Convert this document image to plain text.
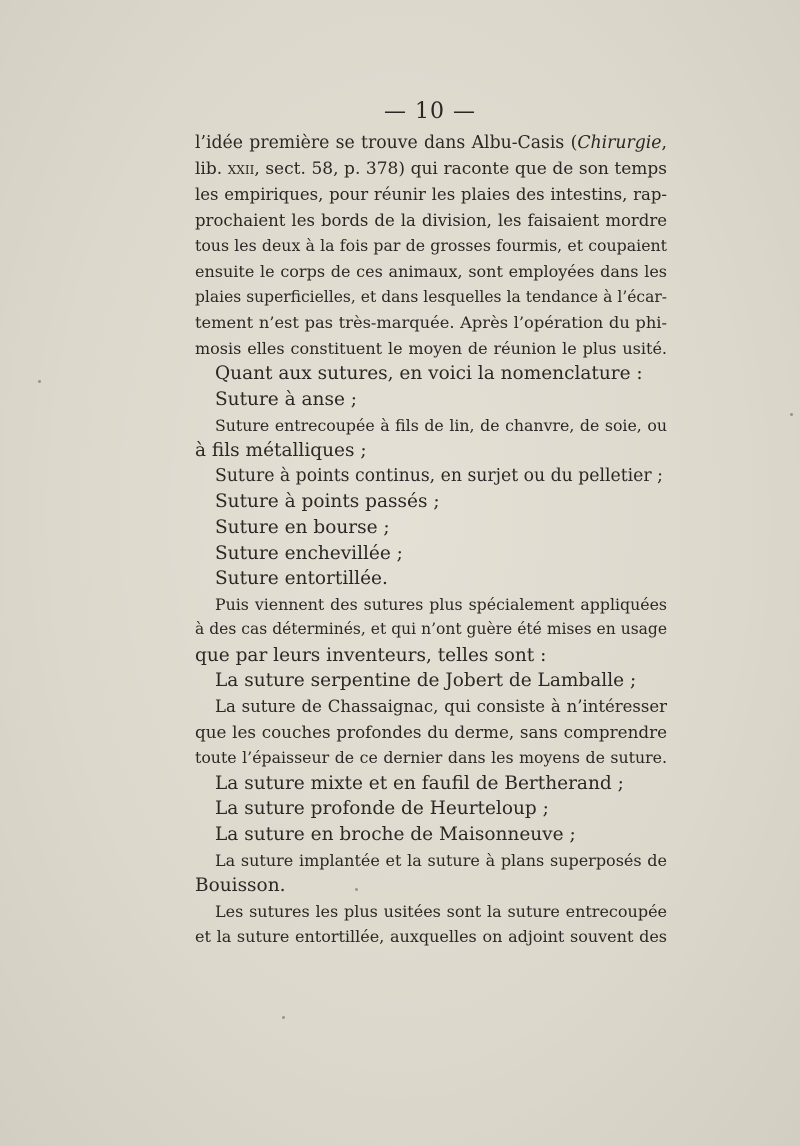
— 10 —
l’idée première se trouve dans Albu-Casis (Chirurgie,
lib. xxii, sect. 58, p. 378) qui raconte que de son temps
les empiriques, pour réunir les plaies des intestins, rap-
prochaient les bords de la division, les faisaient mordre
tous les deux à la fois par de grosses fourmis, et coupaient
ensuite le corps de ces animaux, sont employées dans les
plaies superficielles, et dans lesquelles la tendance à l’écar-
tement n’est pas très-marquée. Après l’opération du phi-
mosis elles constituent le moyen de réunion le plus usité.
Quant aux sutures, en voici la nomenclature :
Suture à anse ;
Suture entrecoupée à fils de lin, de chanvre, de soie, ou
à fils métalliques ;
Suture à points continus, en surjet ou du pelletier ;
Suture à points passés ;
Suture en bourse ;
Suture enchevillée ;
Suture entortillée.
Puis viennent des sutures plus spécialement appliquées
à des cas déterminés, et qui n’ont guère été mises en usage
que par leurs inventeurs, telles sont :
La suture serpentine de Jobert de Lamballe ;
La suture de Chassaignac, qui consiste à n’intéresser
que les couches profondes du derme, sans comprendre
toute l’épaisseur de ce dernier dans les moyens de suture.
La suture mixte et en faufil de Bertherand ;
La suture profonde de Heurteloup ;
La suture en broche de Maisonneuve ;
La suture implantée et la suture à plans superposés de
Bouisson.
Les sutures les plus usitées sont la suture entrecoupée
et la suture entortillée, auxquelles on adjoint souvent des
